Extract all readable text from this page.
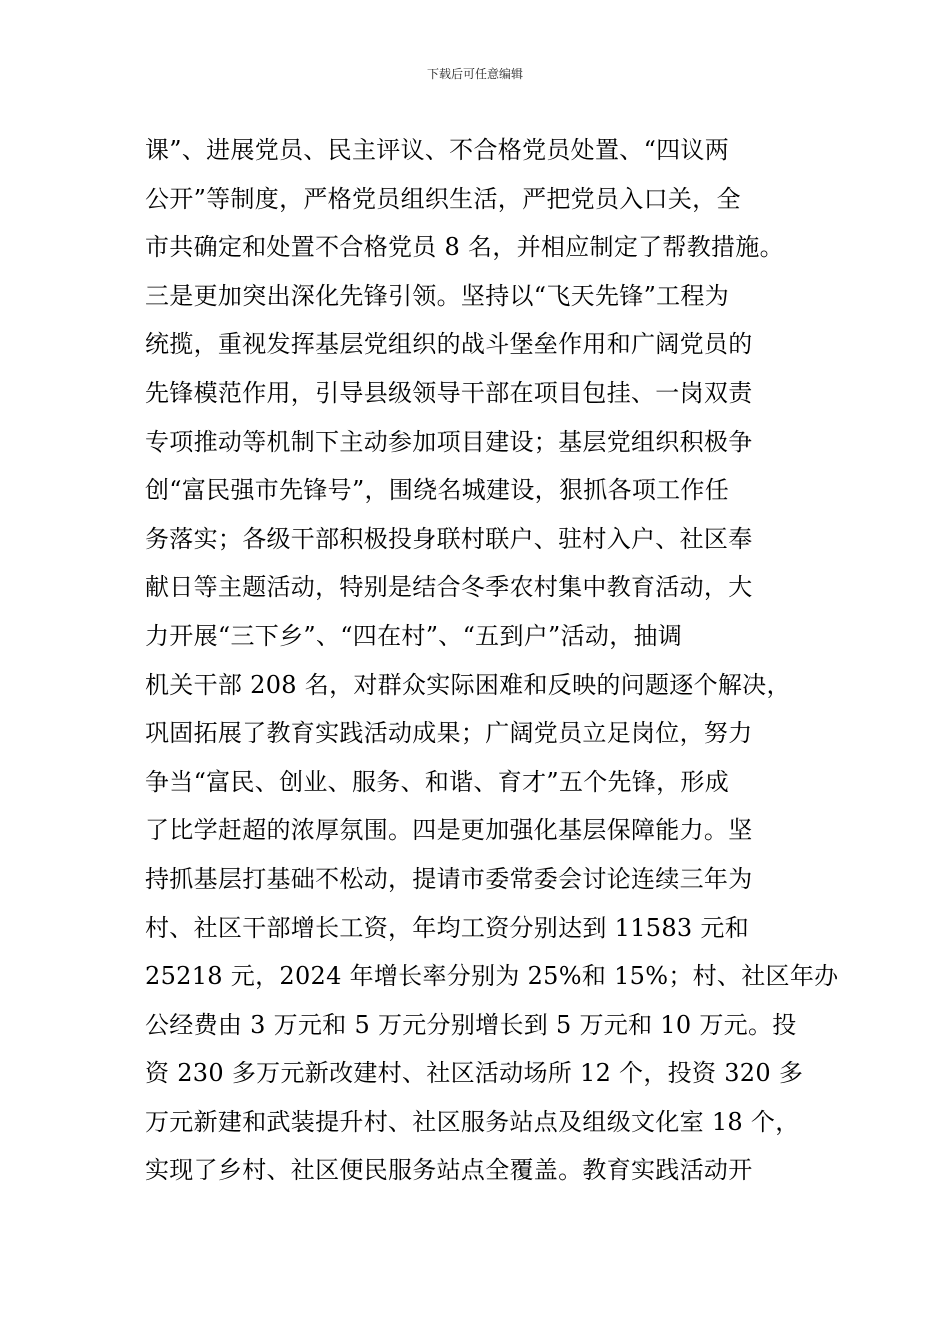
下载后可任意编辑
课”、进展党员、民主评议、不合格党员处置、“四议两
公开”等制度，严格党员组织生活，严把党员入口关，全
市共确定和处置不合格党员 8 名，并相应制定了帮教措施。
三是更加突出深化先锋引领。坚持以“飞天先锋”工程为
统揽，重视发挥基层党组织的战斗堡垒作用和广阔党员的
先锋模范作用，引导县级领导干部在项目包挂、一岗双责
专项推动等机制下主动参加项目建设；基层党组织积极争
创“富民强市先锋号”，围绕名城建设，狠抓各项工作任
务落实；各级干部积极投身联村联户、驻村入户、社区奉
献日等主题活动，特别是结合冬季农村集中教育活动，大
力开展“三下乡”、“四在村”、“五到户”活动，抽调
机关干部 208 名，对群众实际困难和反映的问题逐个解决，
巩固拓展了教育实践活动成果；广阔党员立足岗位，努力
争当“富民、创业、服务、和谐、育才”五个先锋，形成
了比学赶超的浓厚氛围。四是更加强化基层保障能力。坚
持抓基层打基础不松动，提请市委常委会讨论连续三年为
村、社区干部增长工资，年均工资分别达到 11583 元和
25218 元，2024 年增长率分别为 25%和 15%；村、社区年办
公经费由 3 万元和 5 万元分别增长到 5 万元和 10 万元。投
资 230 多万元新改建村、社区活动场所 12 个，投资 320 多
万元新建和武装提升村、社区服务站点及组级文化室 18 个，
实现了乡村、社区便民服务站点全覆盖。教育实践活动开
